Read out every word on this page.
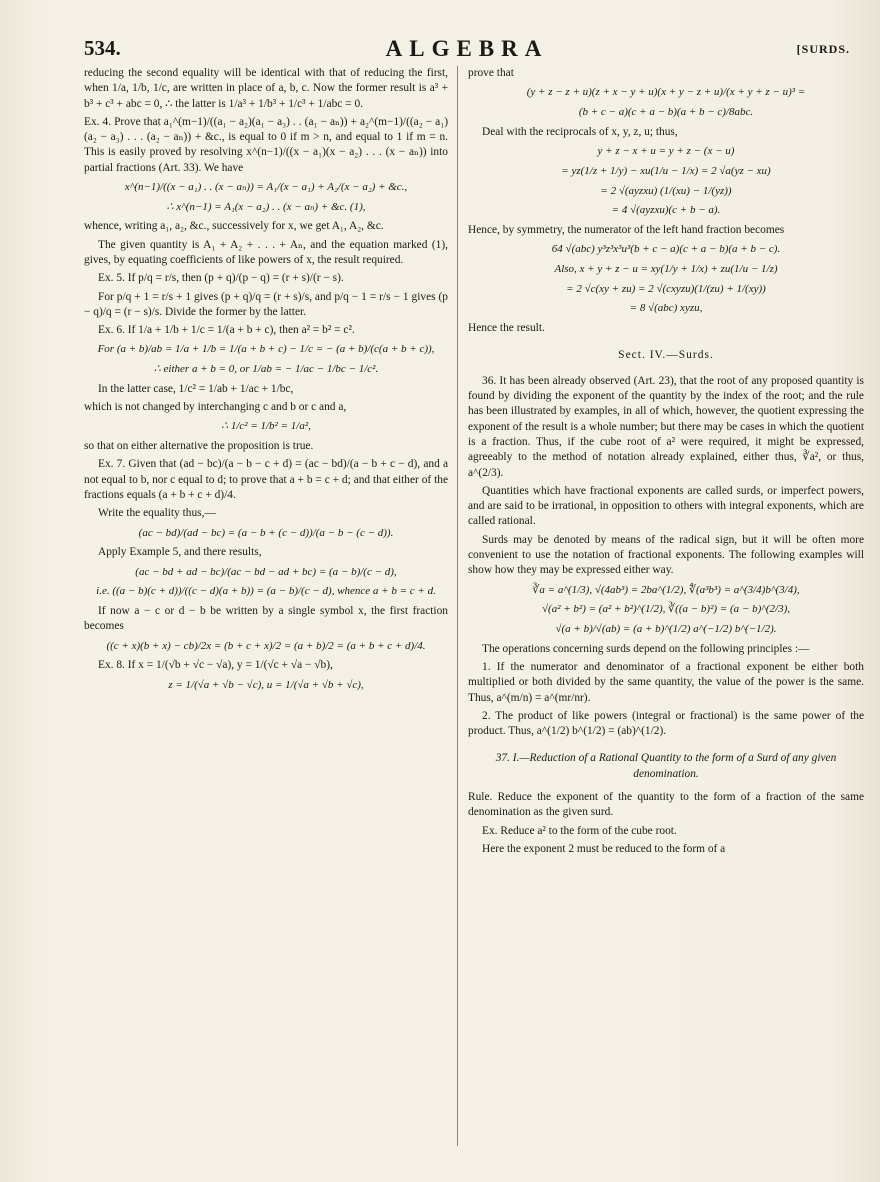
534.	ALGEBRA	[SURDS.

reducing the second equality will be identical with that of reducing the first, when 1/a, 1/b, 1/c, are written in place of a, b, c. Now the former result is a³ + b³ + c³ + abc = 0, ∴ the latter is 1/a³ + 1/b³ + 1/c³ + 1/abc = 0.

Ex. 4. Prove that a₁^(m−1)/((a₁ − a₂)(a₁ − a₃) . . (a₁ − aₙ)) + a₂^(m−1)/((a₂ − a₁)(a₂ − a₃) . . . (a₂ − aₙ)) + &c., is equal to 0 if m > n, and equal to 1 if m = n. This is easily proved by resolving x^(n−1)/((x − a₁)(x − a₂) . . . (x − aₙ)) into partial fractions (Art. 33). We have

x^(n−1)/((x − a₁) . . (x − aₙ)) = A₁/(x − a₁) + A₂/(x − a₂) + &c.,
∴ x^(n−1) = A₁(x − a₂) . . (x − aₙ) + &c. (1),

whence, writing a₁, a₂, &c., successively for x, we get A₁, A₂, &c.

The given quantity is A₁ + A₂ + . . . + Aₙ, and the equation marked (1), gives, by equating coefficients of like powers of x, the result required.

Ex. 5. If p/q = r/s, then (p + q)/(p − q) = (r + s)/(r − s).

For p/q + 1 = r/s + 1 gives (p + q)/q = (r + s)/s, and p/q − 1 = r/s − 1 gives (p − q)/q = (r − s)/s. Divide the former by the latter.

Ex. 6. If 1/a + 1/b + 1/c = 1/(a + b + c), then a² = b² = c².

For (a + b)/ab = 1/a + 1/b = 1/(a + b + c) − 1/c = − (a + b)/(c(a + b + c)),
∴ either a + b = 0, or 1/ab = − 1/ac − 1/bc − 1/c².

In the latter case, 1/c² = 1/ab + 1/ac + 1/bc,

which is not changed by interchanging c and b or c and a,

∴ 1/c² = 1/b² = 1/a²,

so that on either alternative the proposition is true.

Ex. 7. Given that (ad − bc)/(a − b − c + d) = (ac − bd)/(a − b + c − d), and a not equal to b, nor c equal to d; to prove that a + b = c + d; and that either of the fractions equals (a + b + c + d)/4.

Write the equality thus,—

(ac − bd)/(ad − bc) = (a − b + (c − d))/(a − b − (c − d)).

Apply Example 5, and there results,

(ac − bd + ad − bc)/(ac − bd − ad + bc) = (a − b)/(c − d),
i.e. ((a − b)(c + d))/((c − d)(a + b)) = (a − b)/(c − d), whence a + b = c + d.

If now a − c or d − b be written by a single symbol x, the first fraction becomes

((c + x)(b + x) − cb)/2x = (b + c + x)/2 = (a + b)/2 = (a + b + c + d)/4.

Ex. 8. If x = 1/(√b + √c − √a), y = 1/(√c + √a − √b),

z = 1/(√a + √b − √c), u = 1/(√a + √b + √c),

prove that

(y + z − z + u)(z + x − y + u)(x + y − z + u)/(x + y + z − u)³ =
(b + c − a)(c + a − b)(a + b − c)/8abc.

Deal with the reciprocals of x, y, z, u; thus,

y + z − x + u = y + z − (x − u)
= yz(1/z + 1/y) − xu(1/u − 1/x) = 2 √a(yz − xu)
= 2 √(ayzxu) (1/(xu) − 1/(yz))
= 4 √(ayzxu)(c + b − a).

Hence, by symmetry, the numerator of the left hand fraction becomes

64 √(abc) y³z³x³u³(b + c − a)(c + a − b)(a + b − c).
Also, x + y + z − u = xy(1/y + 1/x) + zu(1/u − 1/z)
= 2 √c(xy + zu) = 2 √(cxyzu)(1/(zu) + 1/(xy))
= 8 √(abc) xyzu,

Hence the result.

Sect. IV.—Surds.

36. It has been already observed (Art. 23), that the root of any proposed quantity is found by dividing the exponent of the quantity by the index of the root; and the rule has been illustrated by examples, in all of which, however, the quotient expressing the exponent of the result is a whole number; but there may be cases in which the quotient is a fraction. Thus, if the cube root of a² were required, it might be expressed, agreeably to the method of notation already explained, either thus, ∛a², or thus, a^(2/3).

Quantities which have fractional exponents are called surds, or imperfect powers, and are said to be irrational, in opposition to others with integral exponents, which are called rational.

Surds may be denoted by means of the radical sign, but it will be often more convenient to use the notation of fractional exponents. The following examples will show how they may be expressed either way.

∛a = a^(1/3), √(4ab³) = 2ba^(1/2), ∜(a³b³) = a^(3/4)b^(3/4),
√(a² + b²) = (a² + b²)^(1/2), ∛((a − b)²) = (a − b)^(2/3),
√(a + b)/√(ab) = (a + b)^(1/2) a^(−1/2) b^(−1/2).

The operations concerning surds depend on the following principles :—

1. If the numerator and denominator of a fractional exponent be either both multiplied or both divided by the same quantity, the value of the power is the same. Thus, a^(m/n) = a^(mr/nr).

2. The product of like powers (integral or fractional) is the same power of the product. Thus, a^(1/2) b^(1/2) = (ab)^(1/2).

37. I.—Reduction of a Rational Quantity to the form of a Surd of any given denomination.

Rule. Reduce the exponent of the quantity to the form of a fraction of the same denomination as the given surd.

Ex. Reduce a² to the form of the cube root.

Here the exponent 2 must be reduced to the form of a
